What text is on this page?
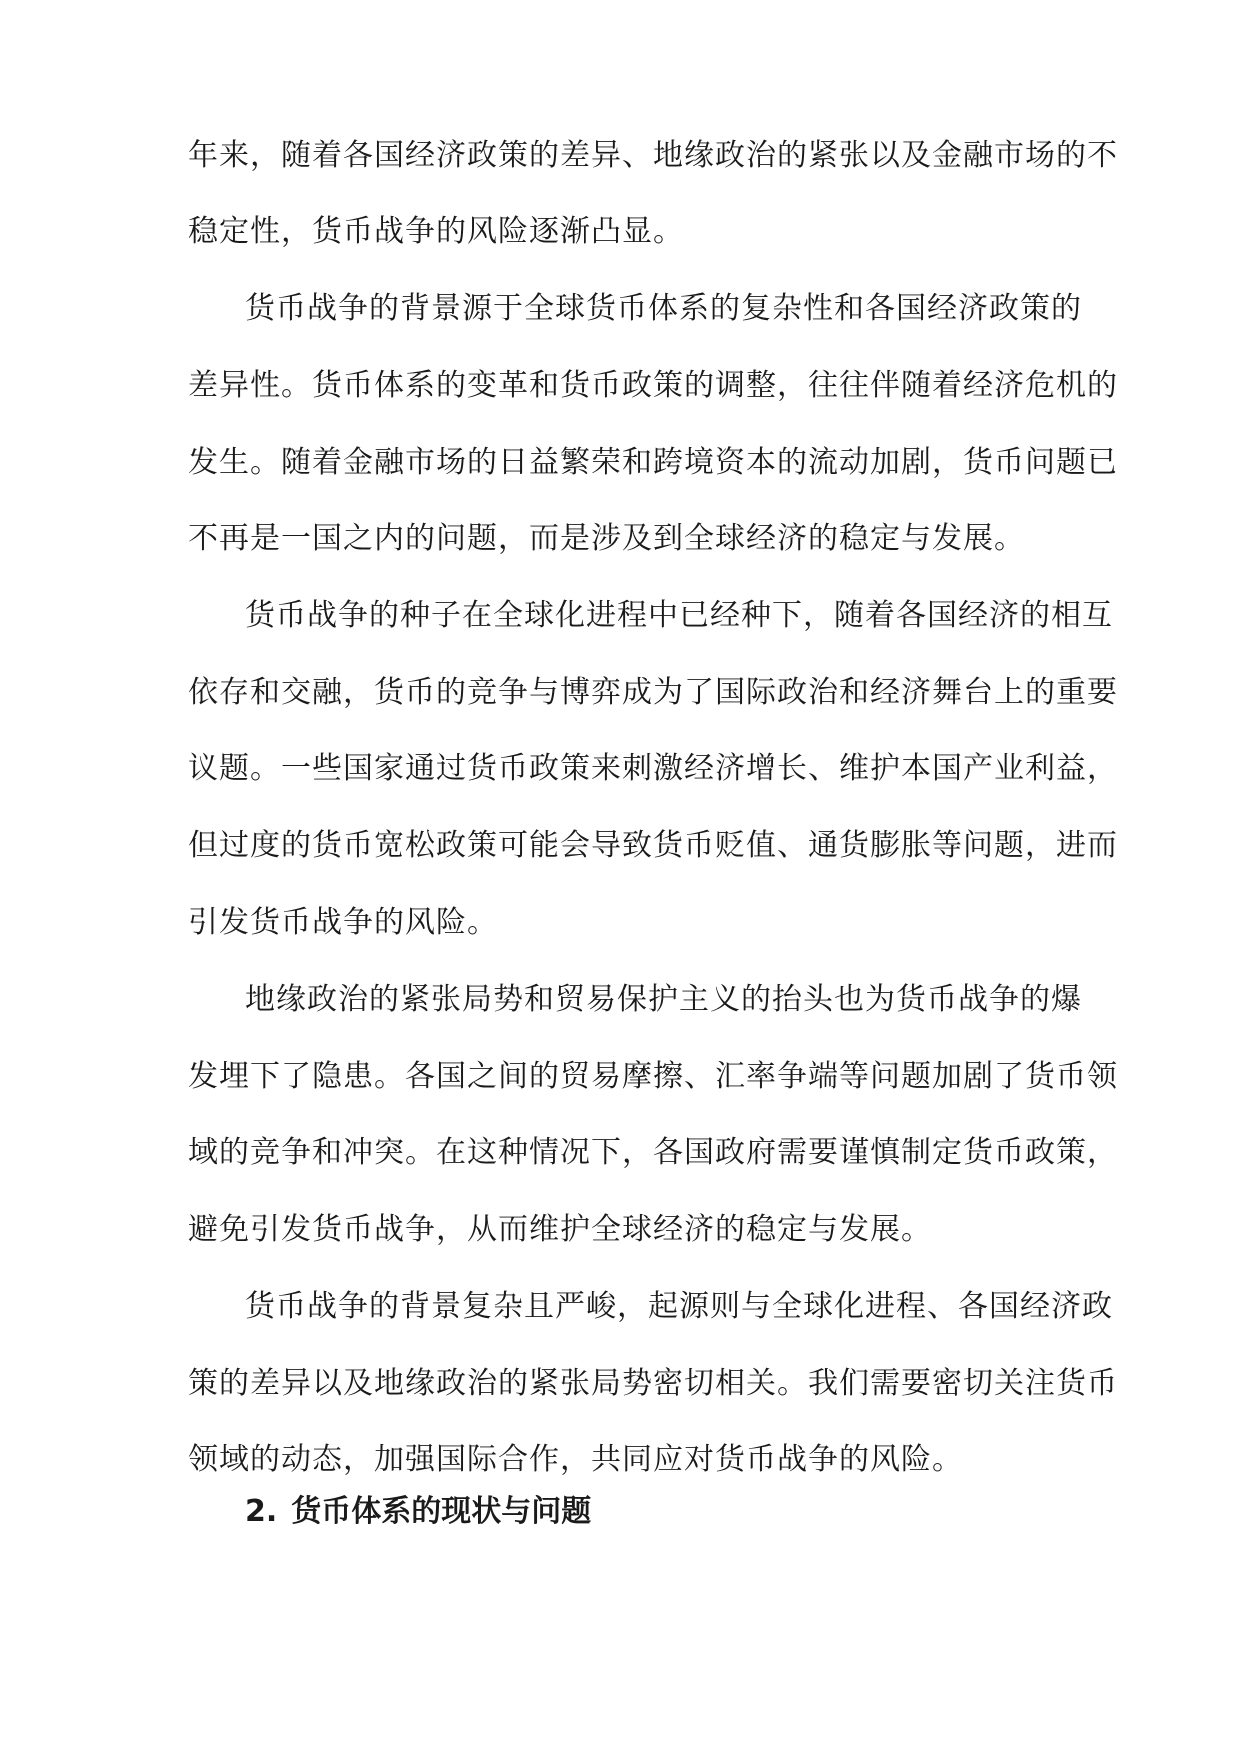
年来，随着各国经济政策的差异、地缘政治的紧张以及金融市场的不
稳定性，货币战争的风险逐渐凸显。
货币战争的背景源于全球货币体系的复杂性和各国经济政策的
差异性。货币体系的变革和货币政策的调整，往往伴随着经济危机的
发生。随着金融市场的日益繁荣和跨境资本的流动加剧，货币问题已
不再是一国之内的问题，而是涉及到全球经济的稳定与发展。
货币战争的种子在全球化进程中已经种下，随着各国经济的相互
依存和交融，货币的竞争与博弈成为了国际政治和经济舞台上的重要
议题。一些国家通过货币政策来刺激经济增长、维护本国产业利益，
但过度的货币宽松政策可能会导致货币贬值、通货膨胀等问题，进而
引发货币战争的风险。
地缘政治的紧张局势和贸易保护主义的抬头也为货币战争的爆
发埋下了隐患。各国之间的贸易摩擦、汇率争端等问题加剧了货币领
域的竞争和冲突。在这种情况下，各国政府需要谨慎制定货币政策，
避免引发货币战争，从而维护全球经济的稳定与发展。
货币战争的背景复杂且严峻，起源则与全球化进程、各国经济政
策的差异以及地缘政治的紧张局势密切相关。我们需要密切关注货币
领域的动态，加强国际合作，共同应对货币战争的风险。
2. 货币体系的现状与问题
